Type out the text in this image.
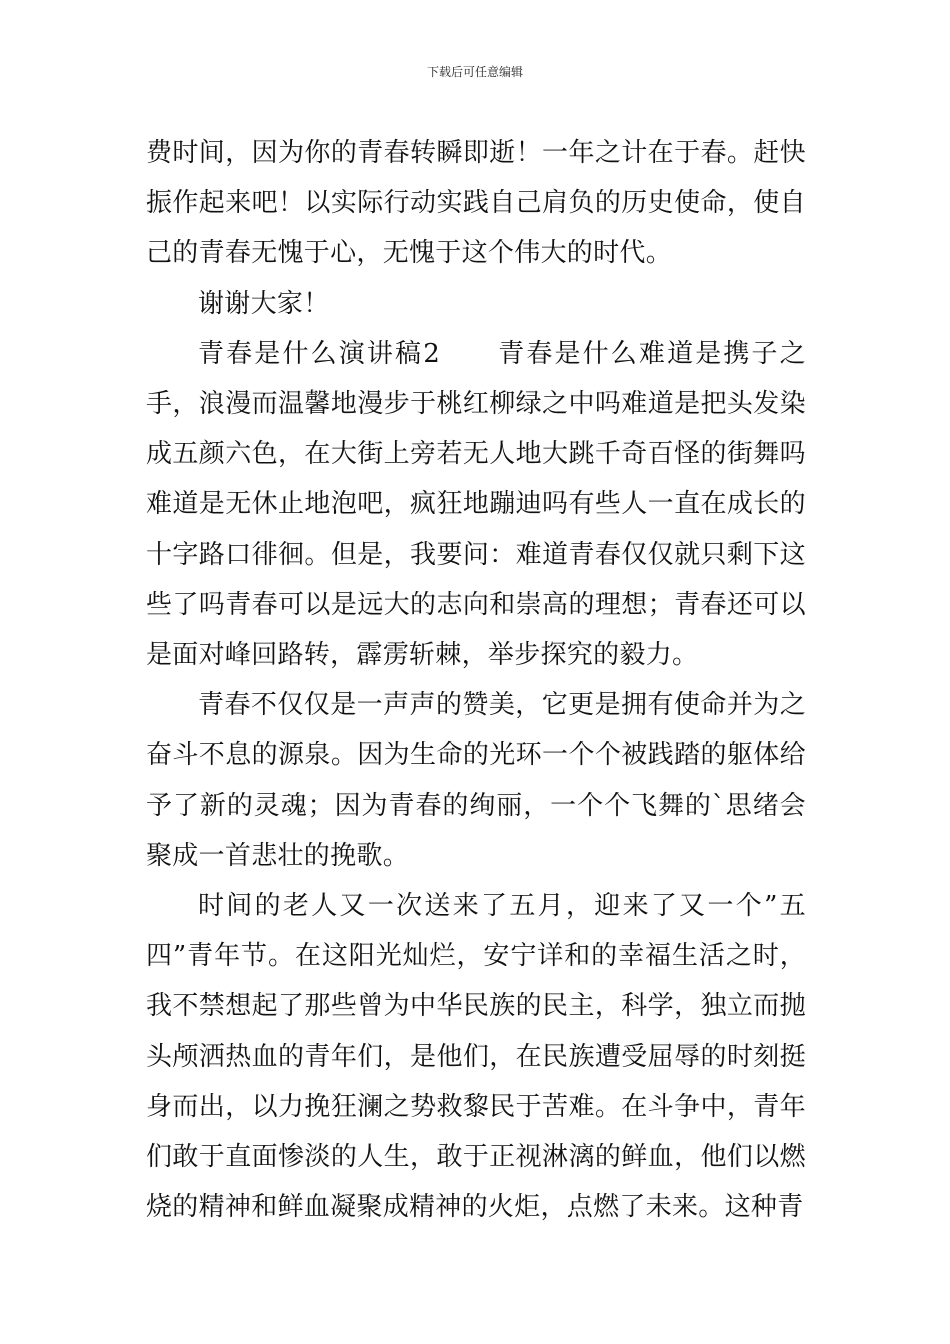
下载后可任意编辑

费时间，因为你的青春转瞬即逝！一年之计在于春。赶快振作起来吧！以实际行动实践自己肩负的历史使命，使自己的青春无愧于心，无愧于这个伟大的时代。

谢谢大家！

青春是什么演讲稿2　　青春是什么难道是携子之手，浪漫而温馨地漫步于桃红柳绿之中吗难道是把头发染成五颜六色，在大街上旁若无人地大跳千奇百怪的街舞吗难道是无休止地泡吧，疯狂地蹦迪吗有些人一直在成长的十字路口徘徊。但是，我要问：难道青春仅仅就只剩下这些了吗青春可以是远大的志向和崇高的理想；青春还可以是面对峰回路转，霹雳斩棘，举步探究的毅力。

青春不仅仅是一声声的赞美，它更是拥有使命并为之奋斗不息的源泉。因为生命的光环一个个被践踏的躯体给予了新的灵魂；因为青春的绚丽，一个个飞舞的`思绪会聚成一首悲壮的挽歌。

时间的老人又一次送来了五月，迎来了又一个”五四”青年节。在这阳光灿烂，安宁详和的幸福生活之时，我不禁想起了那些曾为中华民族的民主，科学，独立而抛头颅洒热血的青年们，是他们，在民族遭受屈辱的时刻挺身而出，以力挽狂澜之势救黎民于苦难。在斗争中，青年们敢于直面惨淡的人生，敢于正视淋漓的鲜血，他们以燃烧的精神和鲜血凝聚成精神的火炬，点燃了未来。这种青
